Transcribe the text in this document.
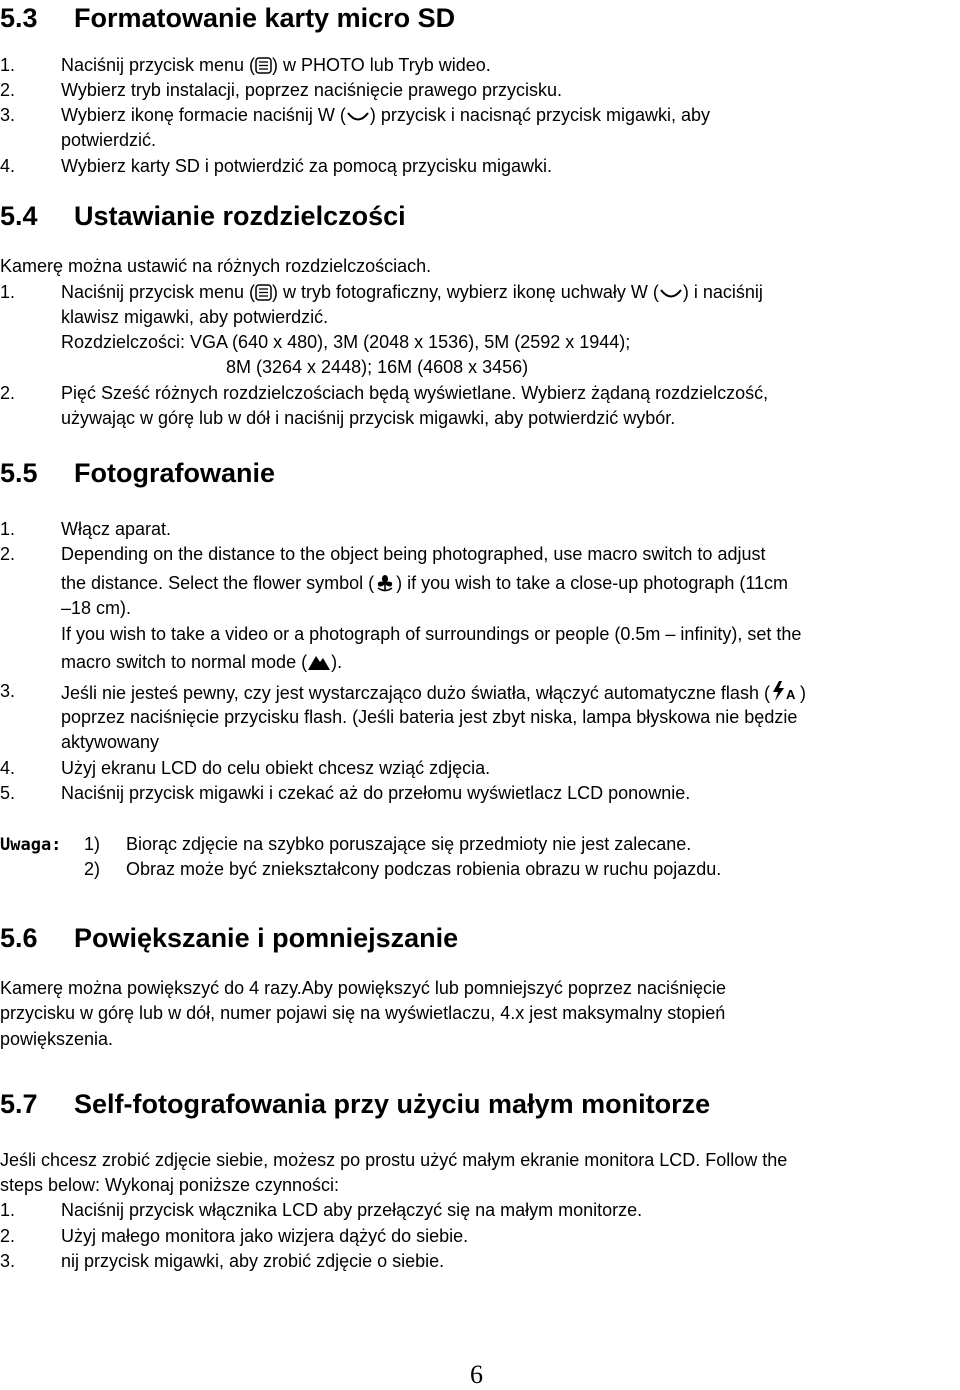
5.3 Formatowanie karty micro SD
1.	Naciśnij przycisk menu ( ) w PHOTO lub Tryb wideo.
2.	Wybierz tryb instalacji, poprzez naciśnięcie prawego przycisku.
3.	Wybierz ikonę formacie naciśnij W ( ) przycisk i nacisnąć przycisk migawki, aby
potwierdzić.
4.	Wybierz karty SD i potwierdzić za pomocą przycisku migawki.
5.4 Ustawianie rozdzielczości
Kamerę można ustawić na różnych rozdzielczościach.
1.	Naciśnij przycisk menu ( ) w tryb fotograficzny, wybierz ikonę uchwały W ( ) i naciśnij
klawisz migawki, aby potwierdzić.
Rozdzielczości: VGA (640 x 480), 3M (2048 x 1536), 5M (2592 x 1944);
8M (3264 x 2448); 16M (4608 x 3456)
2.	Pięć Sześć różnych rozdzielczościach będą wyświetlane. Wybierz żądaną rozdzielczość,
używając w górę lub w dół i naciśnij przycisk migawki, aby potwierdzić wybór.
5.5 Fotografowanie
1.	Włącz aparat.
2.	Depending on the distance to the object being photographed, use macro switch to adjust
the distance. Select the flower symbol ( ) if you wish to take a close-up photograph (11cm
–18 cm).
If you wish to take a video or a photograph of surroundings or people (0.5m – infinity), set the
macro switch to normal mode ( ).
3.	Jeśli nie jesteś pewny, czy jest wystarczająco dużo światła, włączyć automatyczne flash ( A )
poprzez naciśnięcie przycisku flash. (Jeśli bateria jest zbyt niska, lampa błyskowa nie będzie
aktywowany
4.	Użyj ekranu LCD do celu obiekt chcesz wziąć zdjęcia.
5.	Naciśnij przycisk migawki i czekać aż do przełomu wyświetlacz LCD ponownie.
Uwaga: 1) Biorąc zdjęcie na szybko poruszające się przedmioty nie jest zalecane.
2) Obraz może być zniekształcony podczas robienia obrazu w ruchu pojazdu.
5.6 Powiększanie i pomniejszanie
Kamerę można powiększyć do 4 razy.Aby powiększyć lub pomniejszyć poprzez naciśnięcie
przycisku w górę lub w dół, numer pojawi się na wyświetlaczu, 4.x jest maksymalny stopień
powiększenia.
5.7 Self-fotografowania przy użyciu małym monitorze
Jeśli chcesz zrobić zdjęcie siebie, możesz po prostu użyć małym ekranie monitora LCD. Follow the
steps below: Wykonaj poniższe czynności:
1.	Naciśnij przycisk włącznika LCD aby przełączyć się na małym monitorze.
2.	Użyj małego monitora jako wizjera dążyć do siebie.
3.	nij przycisk migawki, aby zrobić zdjęcie o siebie.
6
